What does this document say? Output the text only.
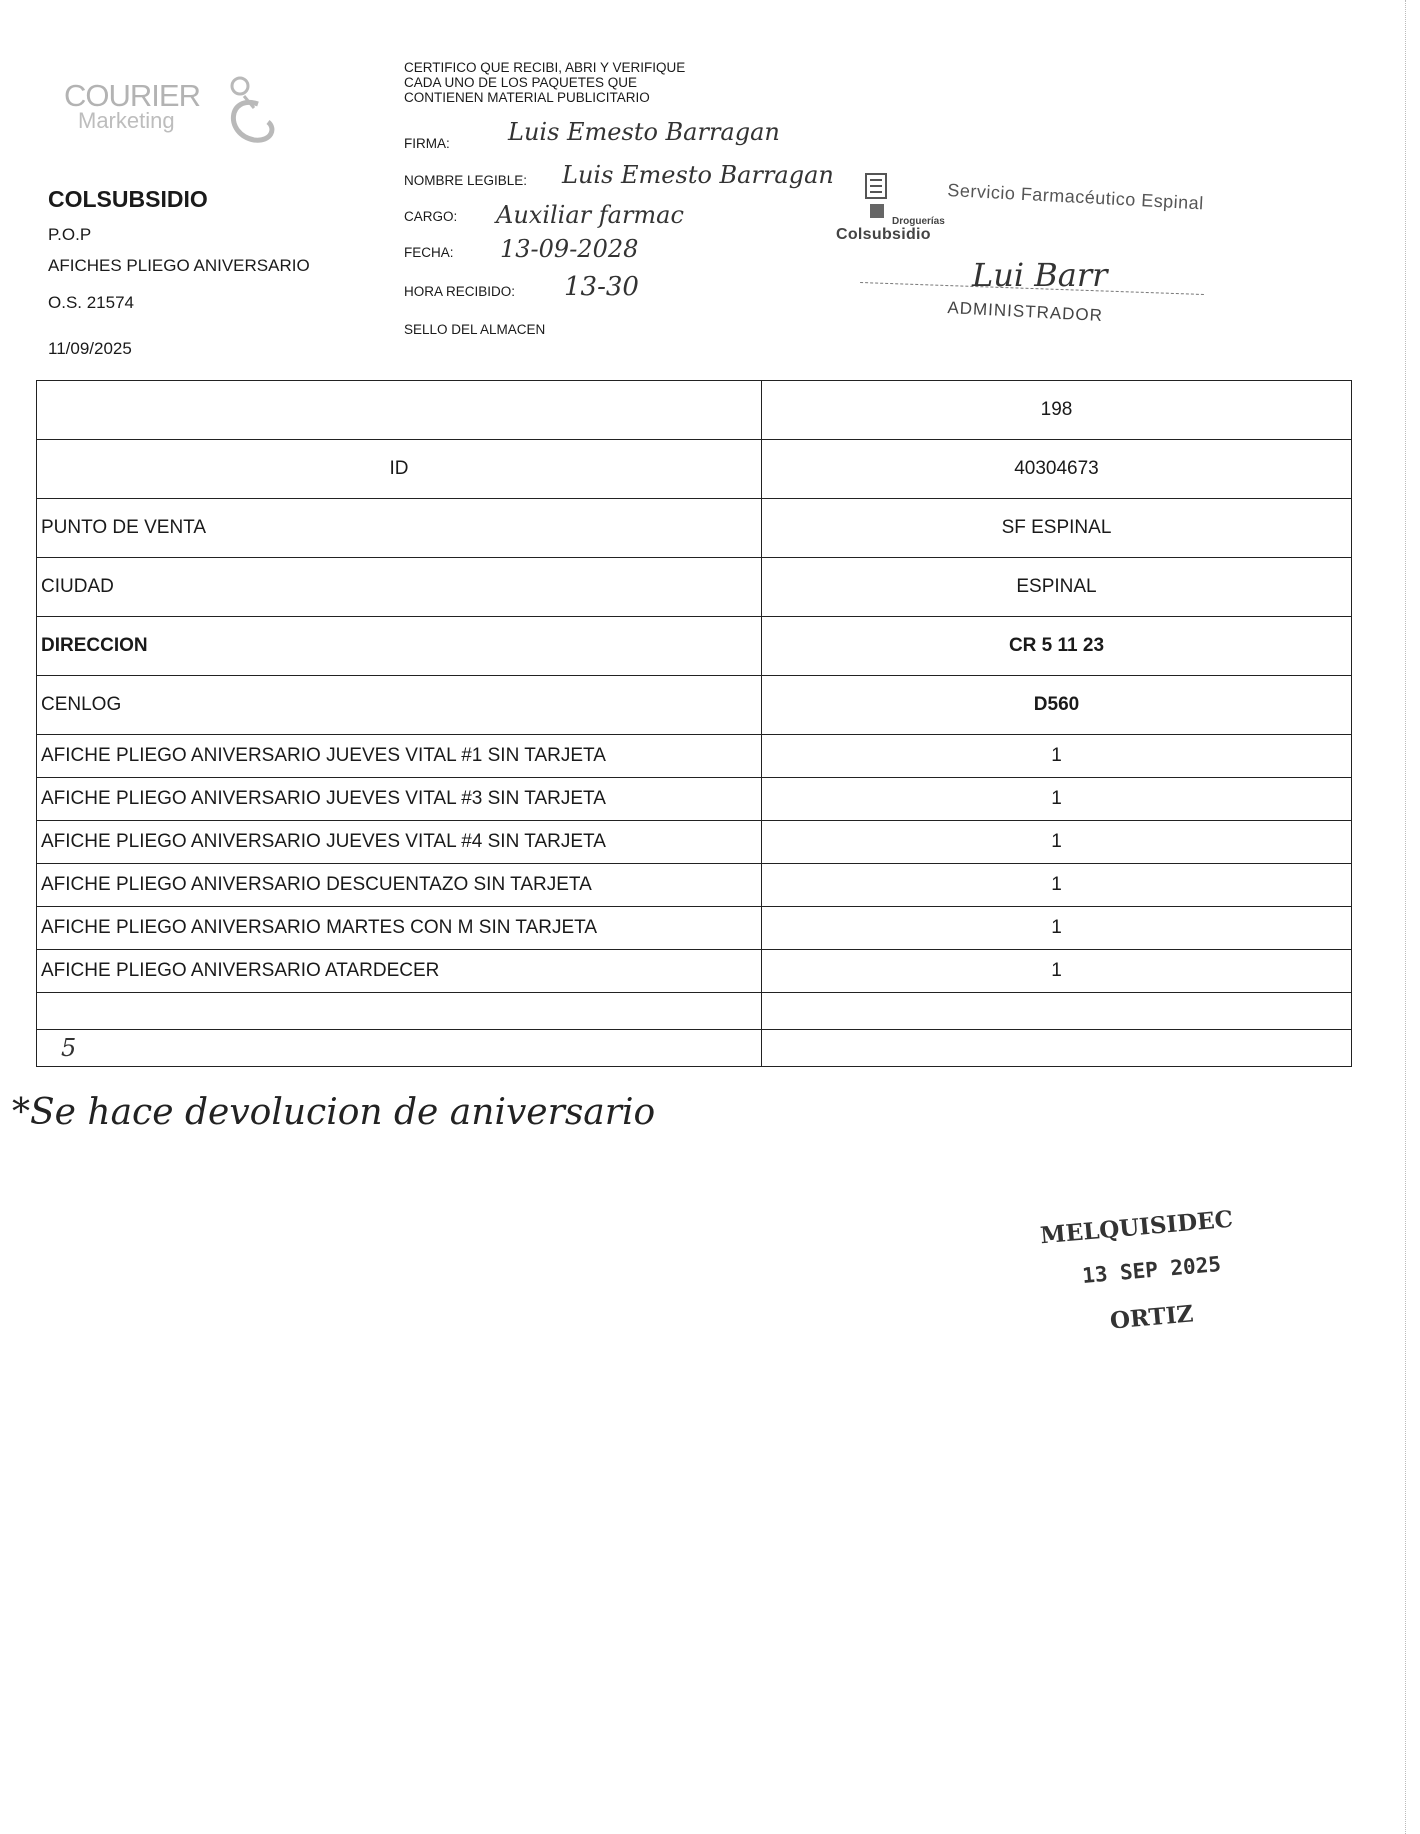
COURIER
Marketing
COLSUBSIDIO
P.O.P
AFICHES PLIEGO ANIVERSARIO
O.S. 21574
11/09/2025
CERTIFICO QUE RECIBI, ABRI Y VERIFIQUE
CADA UNO DE LOS PAQUETES QUE
CONTIENEN MATERIAL PUBLICITARIO
FIRMA: Luis Emesto Barragan
NOMBRE LEGIBLE: Luis Emesto Barragan
CARGO: Auxiliar farmac
FECHA: 13-09-2028
HORA RECIBIDO: 13-30
SELLO DEL ALMACEN
Servicio Farmacéutico Espinal
Droguerías
Colsubsidio
Lui Barr
ADMINISTRADOR
	198
ID	40304673
PUNTO DE VENTA	SF ESPINAL
CIUDAD	ESPINAL
DIRECCION	CR 5 11 23
CENLOG	D560
AFICHE PLIEGO ANIVERSARIO JUEVES VITAL #1 SIN TARJETA	1
AFICHE PLIEGO ANIVERSARIO JUEVES VITAL #3 SIN TARJETA	1
AFICHE PLIEGO ANIVERSARIO JUEVES VITAL #4 SIN TARJETA	1
AFICHE PLIEGO ANIVERSARIO DESCUENTAZO SIN TARJETA	1
AFICHE PLIEGO ANIVERSARIO MARTES CON M SIN TARJETA	1
AFICHE PLIEGO ANIVERSARIO ATARDECER	1

5	
*Se hace devolucion de aniversario
MELQUISIDEC
13 SEP 2025
ORTIZ
